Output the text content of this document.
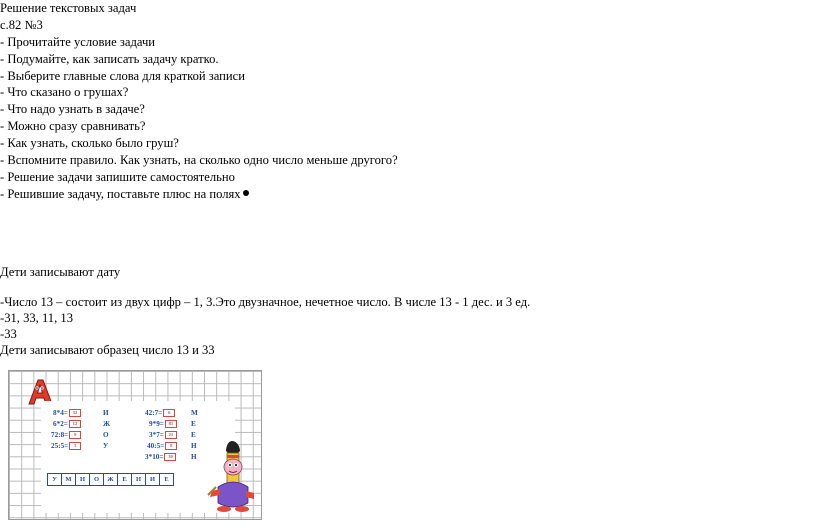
Решение текстовых задач
с.82 №3
- Прочитайте условие задачи
- Подумайте, как записать задачу кратко.
- Выберите главные слова для краткой записи
- Что сказано о грушах?
- Что надо узнать в задаче?
- Можно сразу сравнивать?
- Как узнать, сколько было груш?
- Вспомните правило. Как узнать, на сколько одно число меньше другого?
- Решение задачи запишите самостоятельно
- Решившие задачу, поставьте плюс на полях
Дети записывают дату
-Число 13 – состоит из двух цифр – 1, 3.Это двузначное, нечетное число. В числе 13 - 1 дес. и 3 ед.
-31, 33, 11, 13
-33
Дети записывают образец число 13 и 33
8*4= 32	И
6*2= 12	Ж
72:8= 9	О
25:5= 5	У
42:7= 6	М
9*9= 81	Е
3*7= 21	Е
40:5= 8	Н
3*10= 30	Н
У	М	Н	О	Ж	Е	Н	И	Е
